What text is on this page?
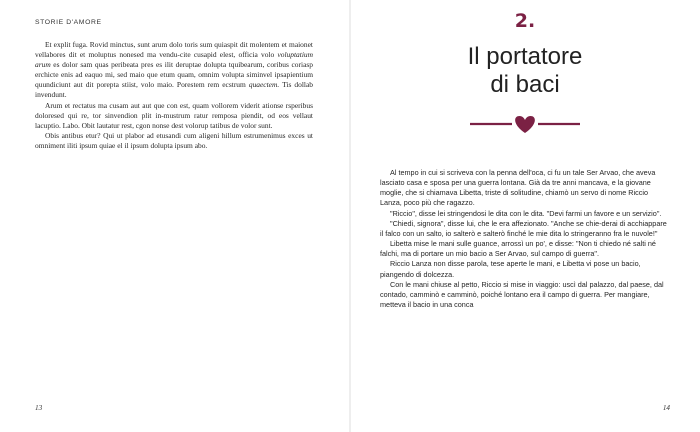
STORIE D'AMORE

Et explit fuga. Rovid minctus, sunt arum dolo toris sum quiaspit dit molentem et maionet vellabores dit et moluptus nonesed ma vendu-cite cusapid elest, officia volo voluptatium arum es dolor sam quas peribeata pres es ilit deruptae dolupta tquibearum, coribus coriasp erchicte enis ad eaquo mi, sed maio que etum quam, omnim volupta siminvel ipsapientium quundiciunt aut dit porepta stiist, volo maio. Porestem rem ecstrum quaectem. Tis dollab invendunt.

Arum et rectatus ma cusam aut aut que con est, quam vollorem viderit ationse rsperibus doloresed qui re, tor sinvendion plit in-mustrum ratur remposa piendit, od eos vellaut lacuptio. Labo. Obit lautatur rest, cgon nonse dest volorup tatibus de volor sunt.

Obis antibus etur? Qui ut plabor ad etusandi cum aligeni hillum estrumenimus exces ut omniment iliti ipsum quiae el il ipsum dolupta ipsum abo.

13
2.
Il portatore
di baci

Al tempo in cui si scriveva con la penna dell'oca, ci fu un tale Ser Arvao, che aveva lasciato casa e sposa per una guerra lontana. Già da tre anni mancava, e la giovane moglie, che si chiamava Libetta, triste di solitudine, chiamò un servo di nome Riccio Lanza, poco più che ragazzo.

"Riccio", disse lei stringendosi le dita con le dita. "Devi farmi un favore e un servizio".

"Chiedi, signora", disse lui, che le era affezionato. "Anche se chie-derai di acchiappare il falco con un salto, io salterò e salterò finché le mie dita lo stringeranno fra le nuvole!"

Libetta mise le mani sulle guance, arrossì un po', e disse: "Non ti chiedo né salti né falchi, ma di portare un mio bacio a Ser Arvao, sul campo di guerra".

Riccio Lanza non disse parola, tese aperte le mani, e Libetta vi pose un bacio, piangendo di dolcezza.

Con le mani chiuse al petto, Riccio si mise in viaggio: uscì dal palazzo, dal paese, dal contado, camminò e camminò, poiché lontano era il campo di guerra. Per mangiare, metteva il bacio in una conca

14
